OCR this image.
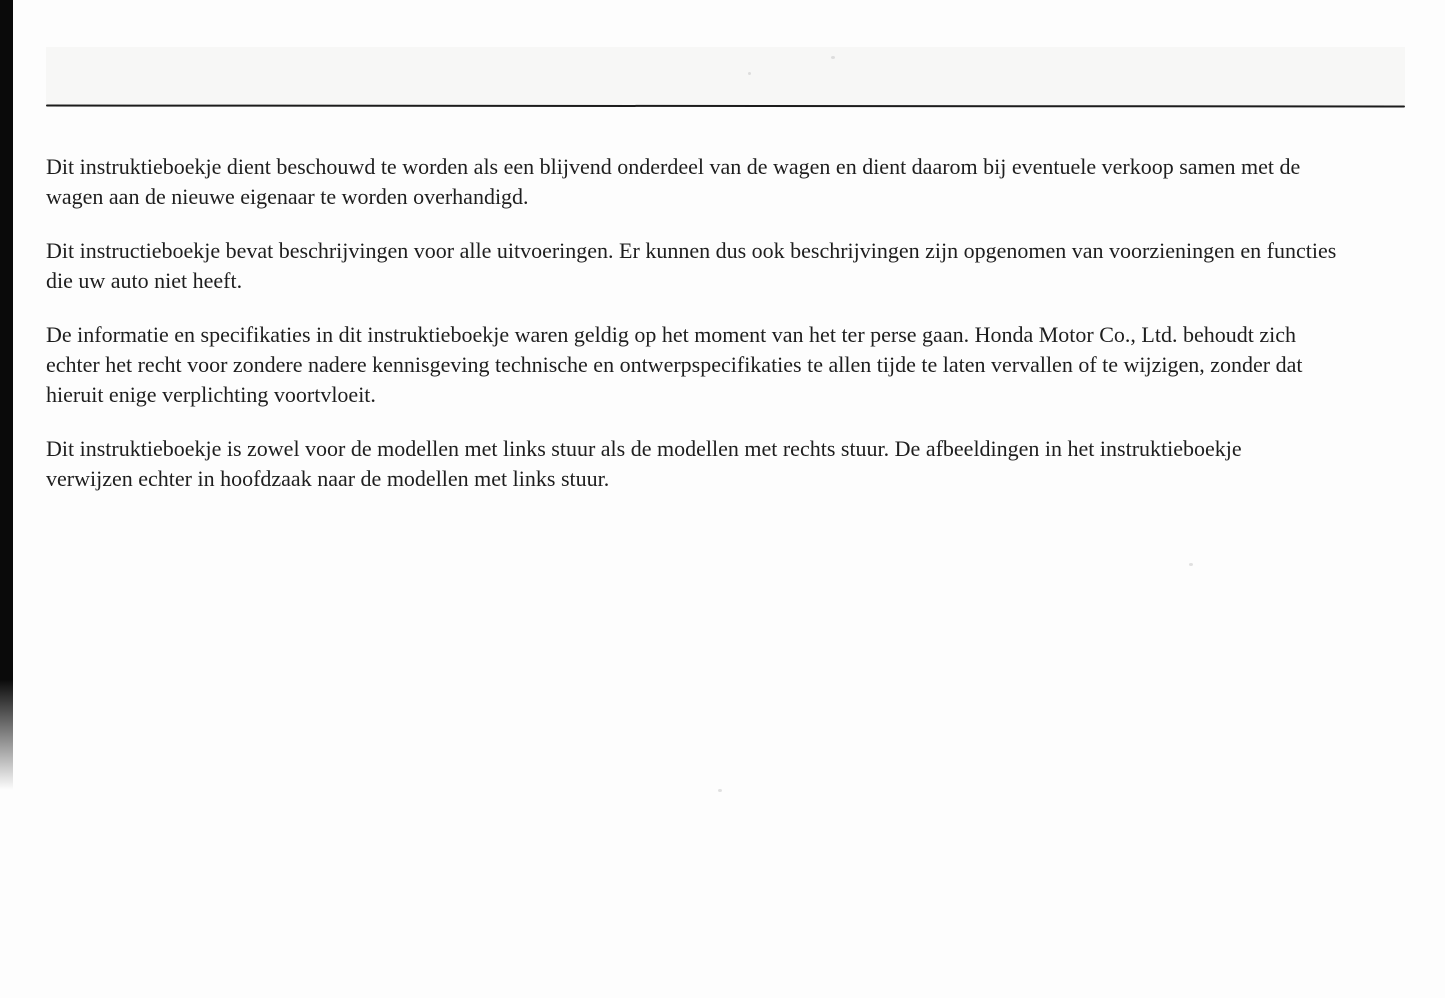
Dit instruktieboekje dient beschouwd te worden als een blijvend onderdeel van de wagen en dient daarom bij eventuele verkoop samen met de
wagen aan de nieuwe eigenaar te worden overhandigd.

Dit instructieboekje bevat beschrijvingen voor alle uitvoeringen. Er kunnen dus ook beschrijvingen zijn opgenomen van voorzieningen en functies
die uw auto niet heeft.

De informatie en specifikaties in dit instruktieboekje waren geldig op het moment van het ter perse gaan. Honda Motor Co., Ltd. behoudt zich
echter het recht voor zondere nadere kennisgeving technische en ontwerpspecifikaties te allen tijde te laten vervallen of te wijzigen, zonder dat
hieruit enige verplichting voortvloeit.

Dit instruktieboekje is zowel voor de modellen met links stuur als de modellen met rechts stuur. De afbeeldingen in het instruktieboekje
verwijzen echter in hoofdzaak naar de modellen met links stuur.
